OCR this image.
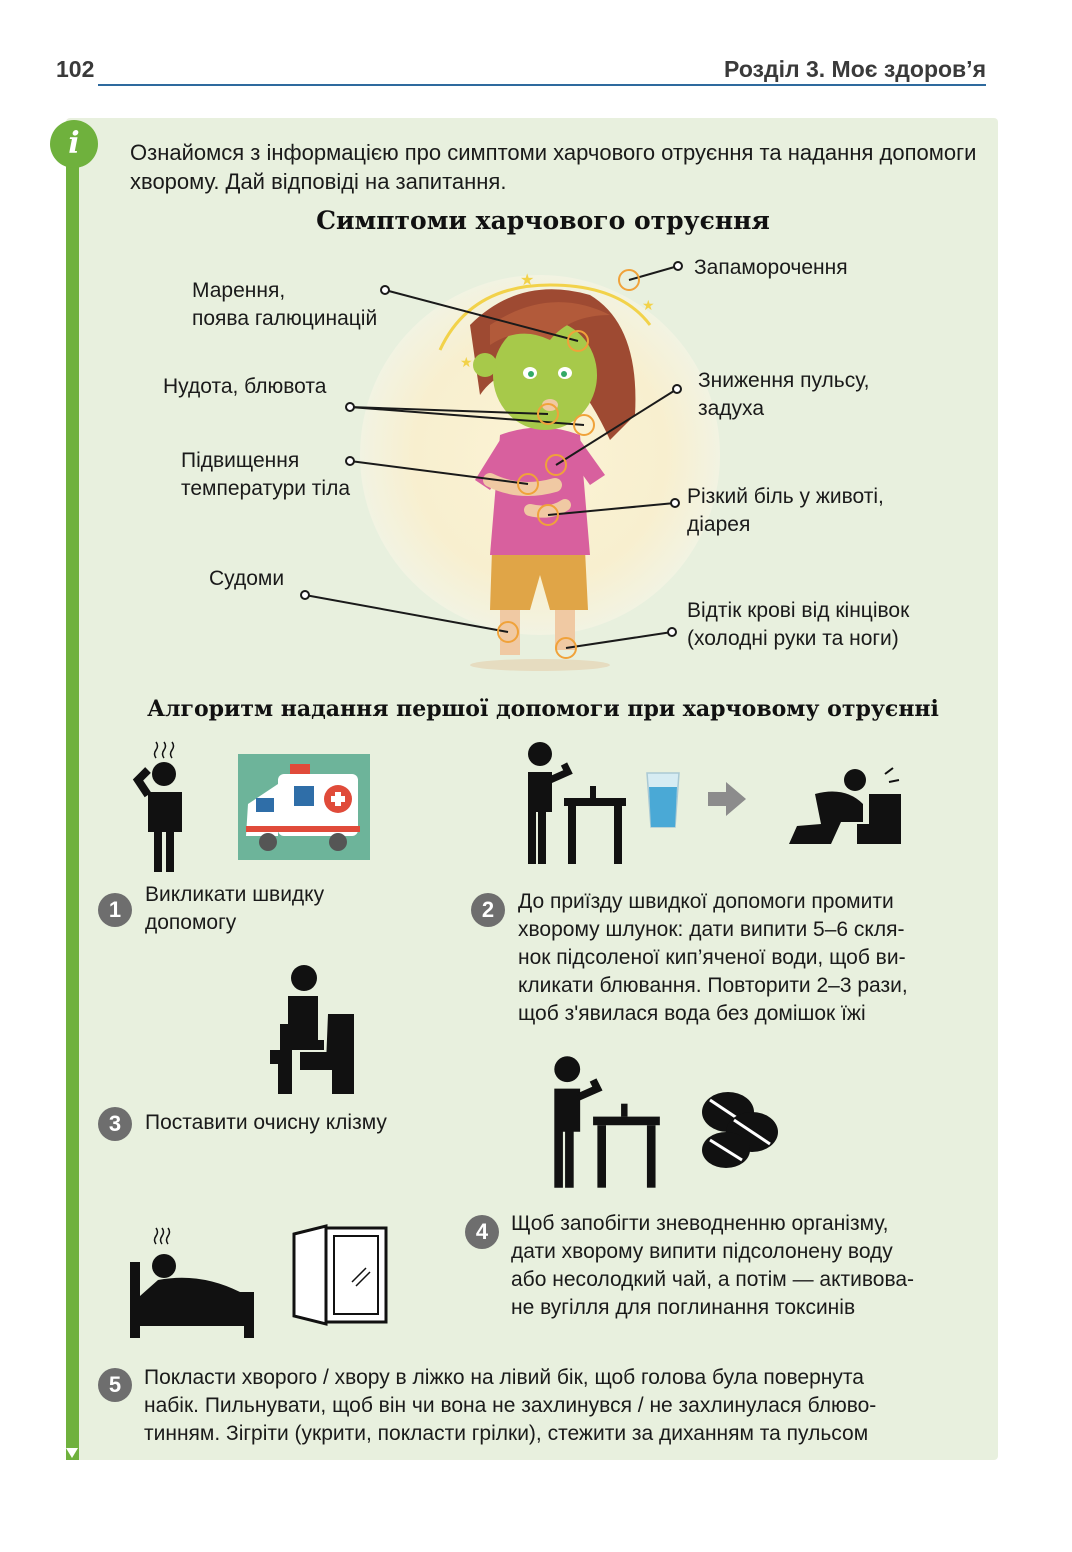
102	Розділ 3. Моє здоров’я
i	Ознайомся з інформацією про симптоми харчового отруєння та надання допомоги хворому. Дай відповіді на запитання.
Симптоми харчового отруєння
★
★
★
Марення,
поява галюцинацій
Нудота, блювота
Підвищення
температури тіла
Судоми
Запаморочення
Зниження пульсу,
задуха
Різкий біль у животі,
діарея
Відтік крові від кінцівок
(холодні руки та ноги)
Алгоритм надання першої допомоги при харчовому отруєнні
1
Викликати швидку
допомогу
2	До приїзду швидкої допомоги промити
хворому шлунок: дати випити 5–6 скля-
нок підсоленої кип’яченої води, щоб ви-
кликати блювання. Повторити 2–3 рази,
щоб з'явилася вода без домішок їжі
3	Поставити очисну клізму
4	Щоб запобігти зневодненню організму,
дати хворому випити підсолонену воду
або несолодкий чай, а потім — активова-
не вугілля для поглинання токсинів
5	Покласти хворого / хвору в ліжко на лівий бік, щоб голова була повернута
набік. Пильнувати, щоб він чи вона не захлинувся / не захлинулася блюво-
тинням. Зігріти (укрити, покласти грілки), стежити за диханням та пульсом
